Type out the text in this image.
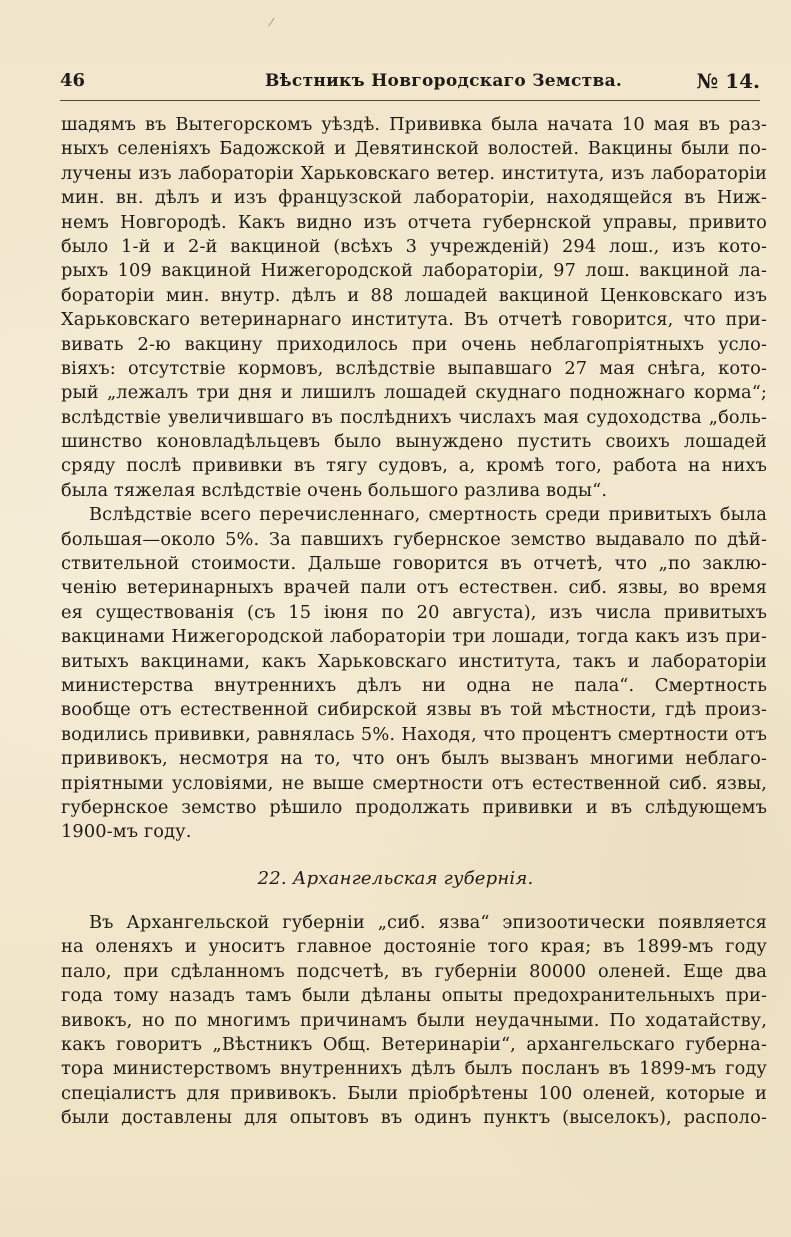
46	Вѣстникъ Новгородскаго Земства.	№ 14.
шадямъ въ Вытегорскомъ уѣздѣ. Прививка была начата 10 мая въ раз-
ныхъ селеніяхъ Бадожской и Девятинской волостей. Вакцины были по-
лучены изъ лабораторіи Харьковскаго ветер. института, изъ лабораторіи
мин. вн. дѣлъ и изъ французской лабораторіи, находящейся въ Ниж-
немъ Новгородѣ. Какъ видно изъ отчета губернской управы, привито
было 1-й и 2-й вакциной (всѣхъ 3 учрежденій) 294 лош., изъ кото-
рыхъ 109 вакциной Нижегородской лабораторіи, 97 лош. вакциной ла-
бораторіи мин. внутр. дѣлъ и 88 лошадей вакциной Ценковскаго изъ
Харьковскаго ветеринарнаго института. Въ отчетѣ говорится, что при-
вивать 2-ю вакцину приходилось при очень неблагопріятныхъ усло-
віяхъ: отсутствіе кормовъ, вслѣдствіе выпавшаго 27 мая снѣга, кото-
рый „лежалъ три дня и лишилъ лошадей скуднаго подножнаго корма“;
вслѣдствіе увеличившаго въ послѣднихъ числахъ мая судоходства „боль-
шинство коновладѣльцевъ было вынуждено пустить своихъ лошадей
сряду послѣ прививки въ тягу судовъ, а, кромѣ того, работа на нихъ
была тяжелая вслѣдствіе очень большого разлива воды“.
Вслѣдствіе всего перечисленнаго, смертность среди привитыхъ была
большая—около 5%. За павшихъ губернское земство выдавало по дѣй-
ствительной стоимости. Дальше говорится въ отчетѣ, что „по заклю-
ченію ветеринарныхъ врачей пали отъ естествен. сиб. язвы, во время
ея существованія (съ 15 іюня по 20 августа), изъ числа привитыхъ
вакцинами Нижегородской лабораторіи три лошади, тогда какъ изъ при-
витыхъ вакцинами, какъ Харьковскаго института, такъ и лабораторіи
министерства внутреннихъ дѣлъ ни одна не пала“. Смертность
вообще отъ естественной сибирской язвы въ той мѣстности, гдѣ произ-
водились прививки, равнялась 5%. Находя, что процентъ смертности отъ
прививокъ, несмотря на то, что онъ былъ вызванъ многими неблаго-
пріятными условіями, не выше смертности отъ естественной сиб. язвы,
губернское земство рѣшило продолжать прививки и въ слѣдующемъ
1900-мъ году.
22. Архангельская губернія.
Въ Архангельской губерніи „сиб. язва“ эпизоотически появляется
на оленяхъ и уноситъ главное достояніе того края; въ 1899-мъ году
пало, при сдѣланномъ подсчетѣ, въ губерніи 80000 оленей. Еще два
года тому назадъ тамъ были дѣланы опыты предохранительныхъ при-
вивокъ, но по многимъ причинамъ были неудачными. По ходатайству,
какъ говоритъ „Вѣстникъ Общ. Ветеринаріи“, архангельскаго губерна-
тора министерствомъ внутреннихъ дѣлъ былъ посланъ въ 1899-мъ году
спеціалистъ для прививокъ. Были пріобрѣтены 100 оленей, которые и
были доставлены для опытовъ въ одинъ пунктъ (выселокъ), располо-
